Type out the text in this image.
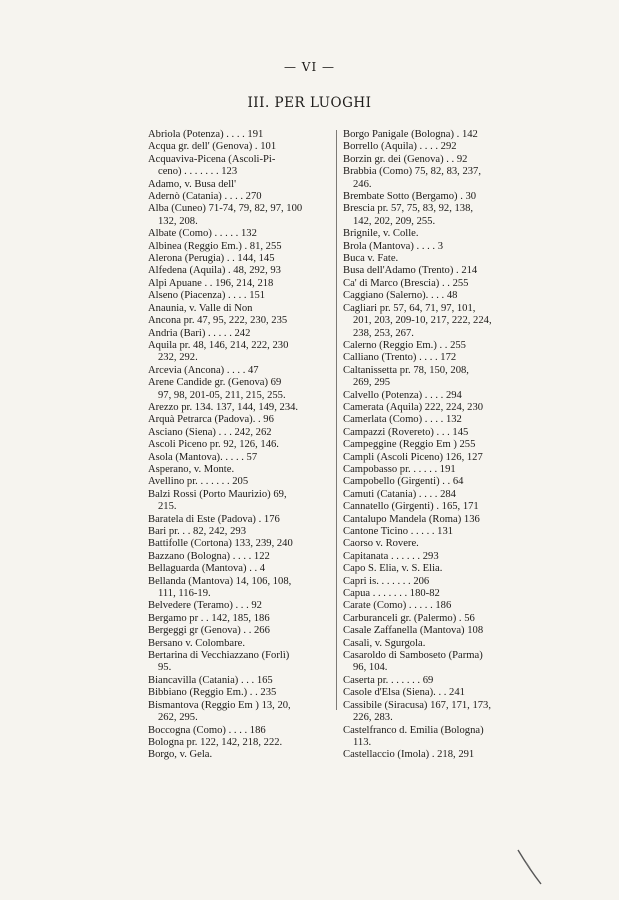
— VI —
III. PER LUOGHI
Abriola (Potenza) . . . . 191
Acqua gr. dell' (Genova) . 101
Acquaviva-Picena (Ascoli-Pi-
ceno) . . . . . . . 123
Adamo, v. Busa dell'
Adernò (Catania) . . . . 270
Alba (Cuneo) 71-74, 79, 82, 97, 100
132, 208.
Albate (Como) . . . . . 132
Albinea (Reggio Em.) . 81, 255
Alerona (Perugia) . . 144, 145
Alfedena (Aquila) . 48, 292, 93
Alpi Apuane . . 196, 214, 218
Alseno (Piacenza) . . . . 151
Anaunia, v. Valle di Non
Ancona pr. 47, 95, 222, 230, 235
Andria (Bari) . . . . . 242
Aquila pr. 48, 146, 214, 222, 230
232, 292.
Arcevia (Ancona) . . . . 47
Arene Candide gr. (Genova) 69
97, 98, 201-05, 211, 215, 255.
Arezzo pr. 134. 137, 144, 149, 234.
Arquà Petrarca (Padova). . 96
Asciano (Siena) . . . 242, 262
Ascoli Piceno pr. 92, 126, 146.
Asola (Mantova). . . . . 57
Asperano, v. Monte.
Avellino pr. . . . . . . 205
Balzi Rossi (Porto Maurizio) 69,
215.
Baratela di Este (Padova) . 176
Bari pr. . . 82, 242, 293
Battifolle (Cortona) 133, 239, 240
Bazzano (Bologna) . . . . 122
Bellaguarda (Mantova) . . 4
Bellanda (Mantova) 14, 106, 108,
111, 116-19.
Belvedere (Teramo) . . . 92
Bergamo pr . . 142, 185, 186
Bergeggi gr (Genova) . . 266
Bersano v. Colombare.
Bertarina di Vecchiazzano (Forlì)
95.
Biancavilla (Catania) . . . 165
Bibbiano (Reggio Em.) . . 235
Bismantova (Reggio Em ) 13, 20,
262, 295.
Boccogna (Como) . . . . 186
Bologna pr. 122, 142, 218, 222.
Borgo, v. Gela.
Borgo Panigale (Bologna) . 142
Borrello (Aquila) . . . . 292
Borzin gr. dei (Genova) . . 92
Brabbia (Como) 75, 82, 83, 237,
246.
Brembate Sotto (Bergamo) . 30
Brescia pr. 57, 75, 83, 92, 138,
142, 202, 209, 255.
Brignile, v. Colle.
Brola (Mantova) . . . . 3
Buca v. Fate.
Busa dell'Adamo (Trento) . 214
Ca' di Marco (Brescia) . . 255
Caggiano (Salerno). . . . 48
Cagliari pr. 57, 64, 71, 97, 101,
201, 203, 209-10, 217, 222, 224,
238, 253, 267.
Calerno (Reggio Em.) . . 255
Calliano (Trento) . . . . 172
Caltanissetta pr. 78, 150, 208,
269, 295
Calvello (Potenza) . . . . 294
Camerata (Aquila) 222, 224, 230
Camerlata (Como) . . . . 132
Campazzi (Rovereto) . . . 145
Campeggine (Reggio Em ) 255
Campli (Ascoli Piceno) 126, 127
Campobasso pr. . . . . . 191
Campobello (Girgenti) . . 64
Camuti (Catania) . . . . 284
Cannatello (Girgenti) . 165, 171
Cantalupo Mandela (Roma) 136
Cantone Ticino . . . . . 131
Caorso v. Rovere.
Capitanata . . . . . . 293
Capo S. Elia, v. S. Elia.
Capri is. . . . . . . 206
Capua . . . . . . . 180-82
Carate (Como) . . . . . 186
Carburanceli gr. (Palermo) . 56
Casale Zaffanella (Mantova) 108
Casali, v. Sgurgola.
Casaroldo di Samboseto (Parma)
96, 104.
Caserta pr. . . . . . . 69
Casole d'Elsa (Siena). . . 241
Cassibile (Siracusa) 167, 171, 173,
226, 283.
Castelfranco d. Emilia (Bologna)
113.
Castellaccio (Imola) . 218, 291
